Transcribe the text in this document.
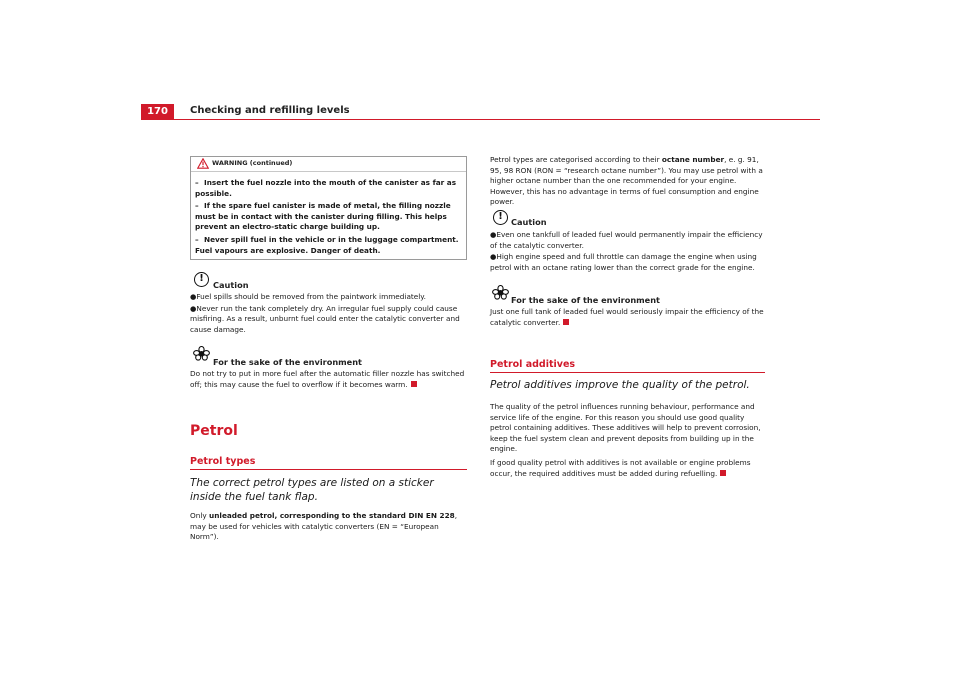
170	Checking and refilling levels
WARNING (continued)

– Insert the fuel nozzle into the mouth of the canister as far as possible.

– If the spare fuel canister is made of metal, the filling nozzle must be in contact with the canister during filling. This helps prevent an electro-static charge building up.

– Never spill fuel in the vehicle or in the luggage compartment. Fuel vapours are explosive. Danger of death.

!
Caution

●Fuel spills should be removed from the paintwork immediately.

●Never run the tank completely dry. An irregular fuel supply could cause misfiring. As a result, unburnt fuel could enter the catalytic converter and cause damage.

For the sake of the environment

Do not try to put in more fuel after the automatic filler nozzle has switched off; this may cause the fuel to overflow if it becomes warm.

Petrol
Petrol types
The correct petrol types are listed on a sticker inside the fuel tank flap.

Only unleaded petrol, corresponding to the standard DIN EN 228, may be used for vehicles with catalytic converters (EN = “European Norm”).

Petrol types are categorised according to their octane number, e. g. 91, 95, 98 RON (RON = “research octane number”). You may use petrol with a higher octane number than the one recommended for your engine. However, this has no advantage in terms of fuel consumption and engine power.

!	Caution

●Even one tankfull of leaded fuel would permanently impair the efficiency of the catalytic converter.

●High engine speed and full throttle can damage the engine when using petrol with an octane rating lower than the correct grade for the engine.

For the sake of the environment

Just one full tank of leaded fuel would seriously impair the efficiency of the catalytic converter.

Petrol additives
Petrol additives improve the quality of the petrol.

The quality of the petrol influences running behaviour, performance and service life of the engine. For this reason you should use good quality petrol containing additives. These additives will help to prevent corrosion, keep the fuel system clean and prevent deposits from building up in the engine.

If good quality petrol with additives is not available or engine problems occur, the required additives must be added during refuelling.
